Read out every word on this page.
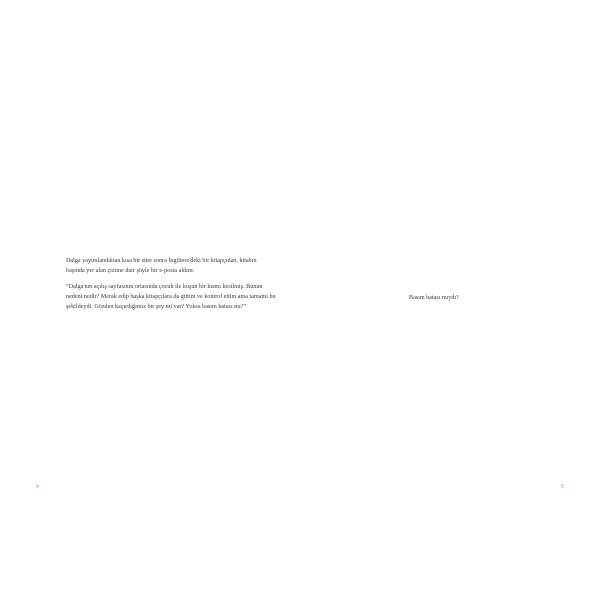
Dalga yayımlandıktan kısa bir süre sonra İngiltere'deki bir kitapçıdan, kitabın başında yer alan çizime dair şöyle bir e-posta aldım:

“Dalga'nın açılış sayfasının ortasında çocuk ile kuşun bir kısmı kesilmiş. Bunun nedeni nedir? Merak edip başka kitapçılara da gittim ve kontrol ettim ama tamamı bu şekildeydi. Gözden kaçırdığımız bir şey mi var? Yoksa basım hatası mı?”

4
Basım hatası mıydı?
5
